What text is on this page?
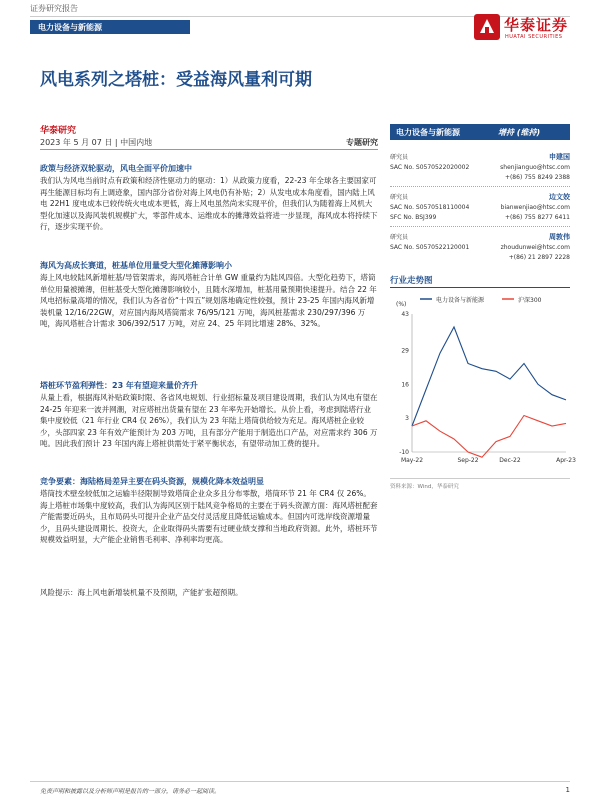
证券研究报告
电力设备与新能源	华泰证券
HUATAI SECURITIES
风电系列之塔桩：受益海风量利可期
华泰研究
2023 年 5 月 07 日 | 中国内地	专题研究
政策与经济双轮驱动，风电全面平价加速中
我们认为风电当前时点有政策和经济性驱动力的驱动：1）从政策力度看，22-23 年全球各主要国家可再生能源目标均有上调迹象，国内部分省份对海上风电仍有补贴；2）从发电成本角度看，国内陆上风电 22H1 度电成本已较传统火电成本更低，海上风电虽然尚未实现平价，但我们认为随着海上风机大型化加速以及海风装机规模扩大，零部件成本、运维成本的摊薄效益将进一步显现，海风成本将持续下行，逐步实现平价。
海风为高成长赛道，桩基单位用量受大型化摊薄影响小
海上风电较陆风新增桩基/导管架需求，海风塔桩合计单 GW 重量约为陆风四倍。大型化趋势下，塔筒单位用量被摊薄，但桩基受大型化摊薄影响较小，且随水深增加，桩基用量预期快速提升。结合 22 年风电招标量高增的情况，我们认为各省份“十四五”规划落地确定性较强，预计 23-25 年国内海风新增装机量 12/16/22GW，对应国内海风塔筒需求 76/95/121 万吨，海风桩基需求 230/297/396 万吨，海风塔桩合计需求 306/392/517 万吨，对应 24、25 年同比增速 28%、32%。
塔桩环节盈利弹性：23 年有望迎来量价齐升
从量上看，根据海风补贴政策时限、各省风电规划、行业招标量及项目建设周期，我们认为风电有望在 24-25 年迎来一波并网潮，对应塔桩出货量有望在 23 年率先开始增长。从价上看，考虑到陆塔行业集中度较低（21 年行业 CR4 仅 26%），我们认为 23 年陆上塔筒供给较为充足。海风塔桩企业较少，头部四家 23 年有效产能预计为 203 万吨，且有部分产能用于制造出口产品，对应需求约 306 万吨。因此我们预计 23 年国内海上塔桩供需处于紧平衡状态，有望带动加工费的提升。
竞争要素：海陆格局差异主要在码头资源，规模化降本效益明显
塔筒技术壁垒较低加之运输半径限制导致塔筒企业众多且分布零散，塔筒环节 21 年 CR4 仅 26%。海上塔桩市场集中度较高，我们认为海风区别于陆风竞争格局的主要在于码头资源方面：海风塔桩配套产能需要近码头，且布局码头可提升企业产品交付灵活度且降低运输成本。但国内可选岸线资源增量少，且码头建设周期长、投资大，企业取得码头需要有过硬业绩支撑和当地政府资源。此外，塔桩环节规模效益明显，大产能企业销售毛利率、净利率均更高。
风险提示：海上风电新增装机量不及预期，产能扩张超预期。
电力设备与新能源	增持 (维持)
研究员	申建国
SAC No. S0570522020002	shenjianguo@htsc.com
+(86) 755 8249 2388
研究员	边文姣
SAC No. S0570518110004	bianwenjiao@htsc.com
SFC No. BSJ399	+(86) 755 8277 6411
研究员	周敦伟
SAC No. S0570522120001	zhoudunwei@htsc.com
+(86) 21 2897 2228
行业走势图
电力设备与新能源	沪深300
(%)
43
29
16
3
-10
May-22	Sep-22	Dec-22	Apr-23
资料来源：Wind，华泰研究
免责声明和披露以及分析师声明是报告的一部分，请务必一起阅读。	1
